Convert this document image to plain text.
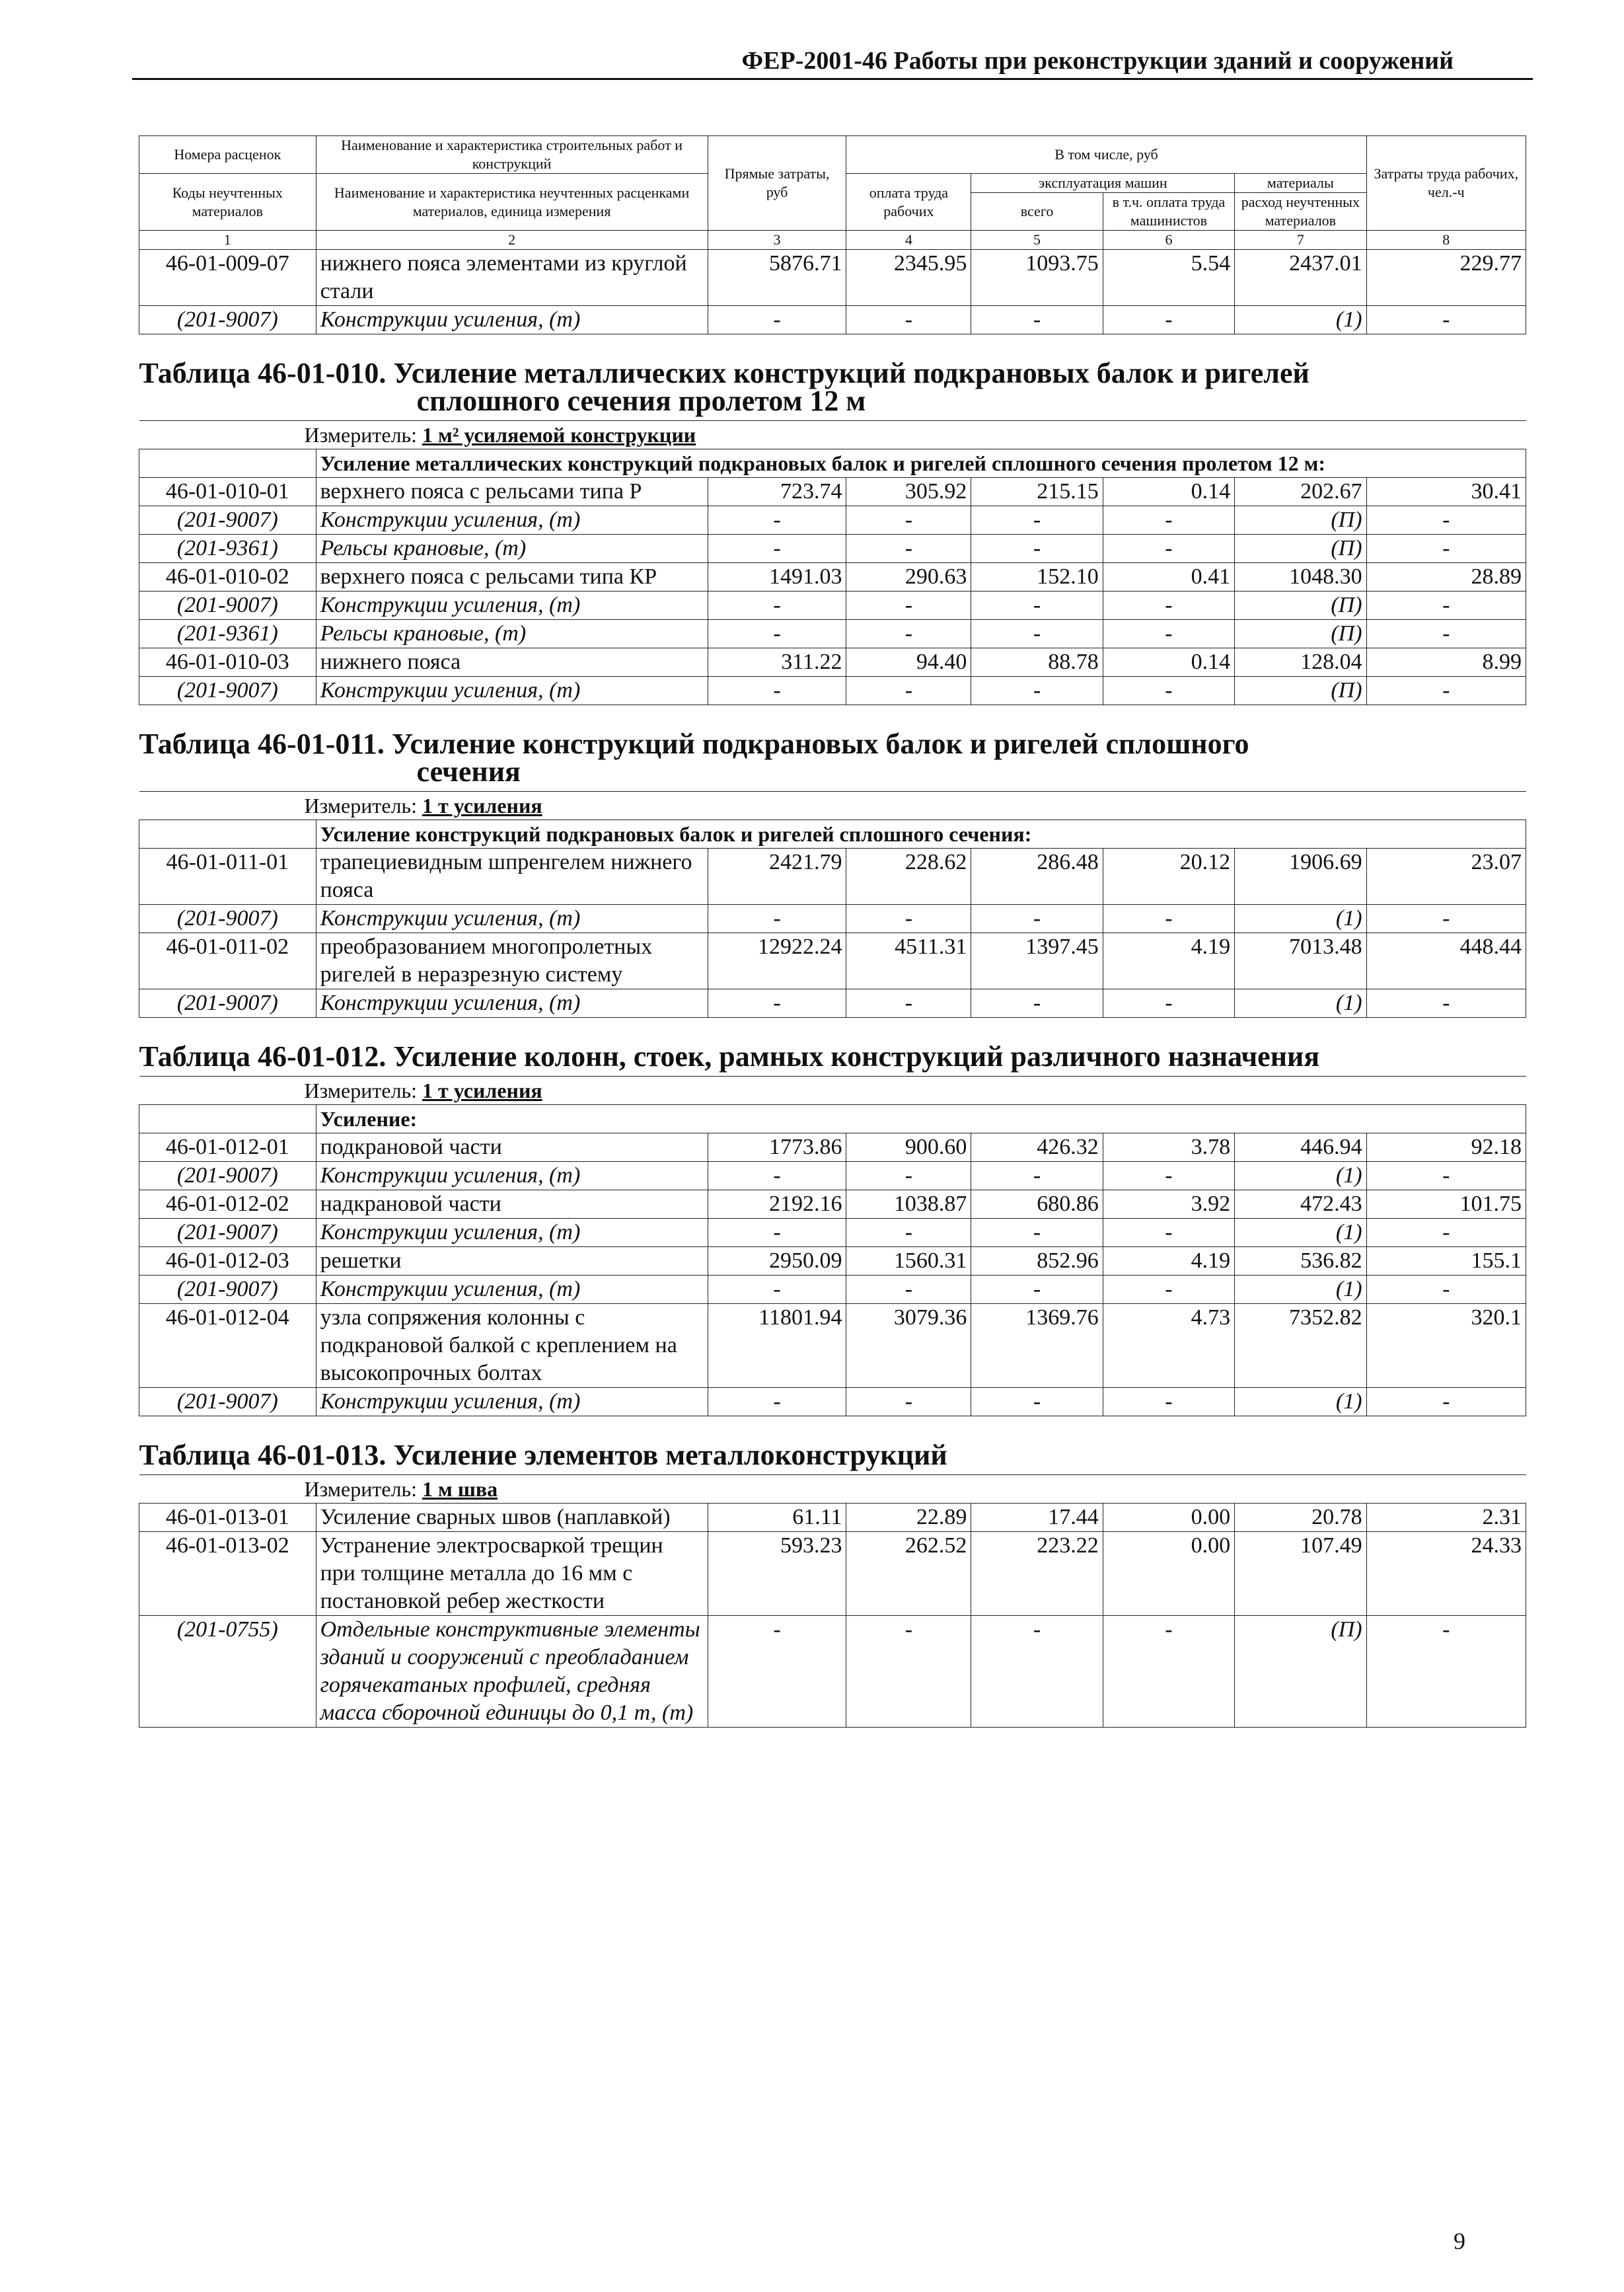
ФЕР-2001-46 Работы при реконструкции зданий и сооружений
Номера расценок	Наименование и характеристика строительных работ и конструкций	Прямые затраты, руб	В том числе, руб				Затраты труда рабочих, чел.-ч
Коды неучтенных материалов	Наименование и характеристика неучтенных расценками материалов, единица измерения		оплата труда рабочих	эксплуатация машин		материалы	
				всего	в т.ч. оплата труда машинистов	расход неучтенных материалов	

1	2	3	4	5	6	7	8
46-01-009-07	нижнего пояса элементами из круглой стали	5876.71	2345.95	1093.75	5.54	2437.01	229.77
(201-9007)	Конструкции усиления, (т)	-	-	-	-	(1)	-
Таблица 46-01-010. Усиление металлических конструкций подкрановых балок и ригелей
сплошного сечения пролетом 12 м							

Измеритель: 1 м² усиляемой конструкции							
	Усиление металлических конструкций подкрановых балок и ригелей сплошного сечения пролетом 12 м:						
46-01-010-01	верхнего пояса с рельсами типа Р	723.74	305.92	215.15	0.14	202.67	30.41
(201-9007)	Конструкции усиления, (т)	-	-	-	-	(П)	-
(201-9361)	Рельсы крановые, (т)	-	-	-	-	(П)	-
46-01-010-02	верхнего пояса с рельсами типа КР	1491.03	290.63	152.10	0.41	1048.30	28.89
(201-9007)	Конструкции усиления, (т)	-	-	-	-	(П)	-
(201-9361)	Рельсы крановые, (т)	-	-	-	-	(П)	-
46-01-010-03	нижнего пояса	311.22	94.40	88.78	0.14	128.04	8.99
(201-9007)	Конструкции усиления, (т)	-	-	-	-	(П)	-
Таблица 46-01-011. Усиление конструкций подкрановых балок и ригелей сплошного
сечения							

Измеритель: 1 т усиления							
	Усиление конструкций подкрановых балок и ригелей сплошного сечения:						
46-01-011-01	трапециевидным шпренгелем нижнего пояса	2421.79	228.62	286.48	20.12	1906.69	23.07
(201-9007)	Конструкции усиления, (т)	-	-	-	-	(1)	-
46-01-011-02	преобразованием многопролетных ригелей в неразрезную систему	12922.24	4511.31	1397.45	4.19	7013.48	448.44
(201-9007)	Конструкции усиления, (т)	-	-	-	-	(1)	-
Таблица 46-01-012. Усиление колонн, стоек, рамных конструкций различного назначения							
Измеритель: 1 т усиления							
	Усиление:						
46-01-012-01	подкрановой части	1773.86	900.60	426.32	3.78	446.94	92.18
(201-9007)	Конструкции усиления, (т)	-	-	-	-	(1)	-
46-01-012-02	надкрановой части	2192.16	1038.87	680.86	3.92	472.43	101.75
(201-9007)	Конструкции усиления, (т)	-	-	-	-	(1)	-
46-01-012-03	решетки	2950.09	1560.31	852.96	4.19	536.82	155.1
(201-9007)	Конструкции усиления, (т)	-	-	-	-	(1)	-
46-01-012-04	узла сопряжения колонны с подкрановой балкой с креплением на высокопрочных болтах	11801.94	3079.36	1369.76	4.73	7352.82	320.1
(201-9007)	Конструкции усиления, (т)	-	-	-	-	(1)	-
Таблица 46-01-013. Усиление элементов металлоконструкций							
Измеритель: 1 м шва							
46-01-013-01	Усиление сварных швов (наплавкой)	61.11	22.89	17.44	0.00	20.78	2.31
46-01-013-02	Устранение электросваркой трещин при толщине металла до 16 мм с постановкой ребер жесткости	593.23	262.52	223.22	0.00	107.49	24.33
(201-0755)	Отдельные конструктивные элементы зданий и сооружений с преобладанием горячекатаных профилей, средняя масса сборочной единицы до 0,1 т, (т)	-	-	-	-	(П)	-
9
